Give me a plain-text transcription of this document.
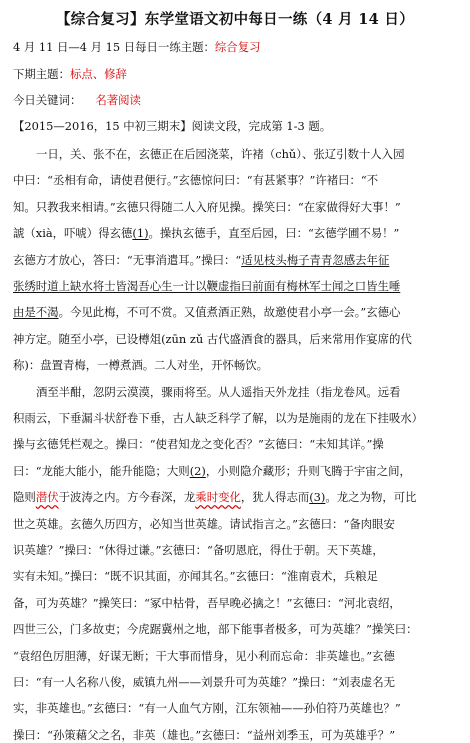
【综合复习】东学堂语文初中每日一练（4 月 14 日）
4 月 11 日—4 月 15 日每日一练主题：综合复习
下期主题：标点、修辞
今日关键词： 名著阅读
【2015—2016，15 中初三期末】阅读文段，完成第 1-3 题。
一日，关、张不在，玄德正在后园浇菜，许褚（chǔ）、张辽引数十人入园
中曰：“丞相有命，请使君便行。”玄德惊问曰：“有甚紧事？”许褚曰：“不
知。只教我来相请。”玄德只得随二人入府见操。操笑曰：“在家做得好大事！”
諕（xià，吓唬）得玄德(1)。操执玄德手，直至后园，曰：“玄德学圃不易！”
玄德方才放心，答曰：“无事消遣耳。”操曰：“适见枝头梅子青青忽感去年征
张绣时道上缺水将士皆渴吾心生一计以鞭虚指曰前面有梅林军士闻之口皆生唾
由是不渴。今见此梅，不可不赏。又值煮酒正熟，故邀使君小亭一会。”玄德心
神方定。随至小亭，已设樽俎(zūn zǔ 古代盛酒食的器具，后来常用作宴席的代
称)：盘置青梅，一樽煮酒。二人对坐，开怀畅饮。
酒至半酣，忽阴云漠漠，骤雨将至。从人遥指天外龙挂（指龙卷风。远看
积雨云，下垂漏斗状舒卷下垂，古人缺乏科学了解，以为是施雨的龙在下挂吸水）
操与玄德凭栏观之。操曰：“使君知龙之变化否？”玄德曰：“未知其详。”操
曰：“龙能大能小，能升能隐；大则(2)，小则隐介藏形；升则飞腾于宇宙之间，
隐则潜伏于波涛之内。方今春深，龙乘时变化，犹人得志而(3)。龙之为物，可比
世之英雄。玄德久历四方，必知当世英雄。请试指言之。”玄德曰：“备肉眼安
识英雄？”操曰：“休得过谦。”玄德曰：“备叨恩庇，得仕于朝。天下英雄，
实有未知。”操曰：“既不识其面，亦闻其名。”玄德曰：“淮南袁术，兵粮足
备，可为英雄？”操笑曰：“冢中枯骨，吾早晚必擒之！”玄德曰：“河北袁绍，
四世三公，门多故吏；今虎踞冀州之地，部下能事者极多，可为英雄？”操笑曰：
“袁绍色厉胆薄，好谋无断；干大事而惜身，见小利而忘命：非英雄也。”玄德
曰：“有一人名称八俊，威镇九州——刘景升可为英雄？”操曰：“刘表虚名无
实，非英雄也。”玄德曰：“有一人血气方刚，江东领袖——孙伯符乃英雄也？”
操曰：“孙策藉父之名，非英（雄也。”玄德曰：“益州刘季玉，可为英雄乎？”
